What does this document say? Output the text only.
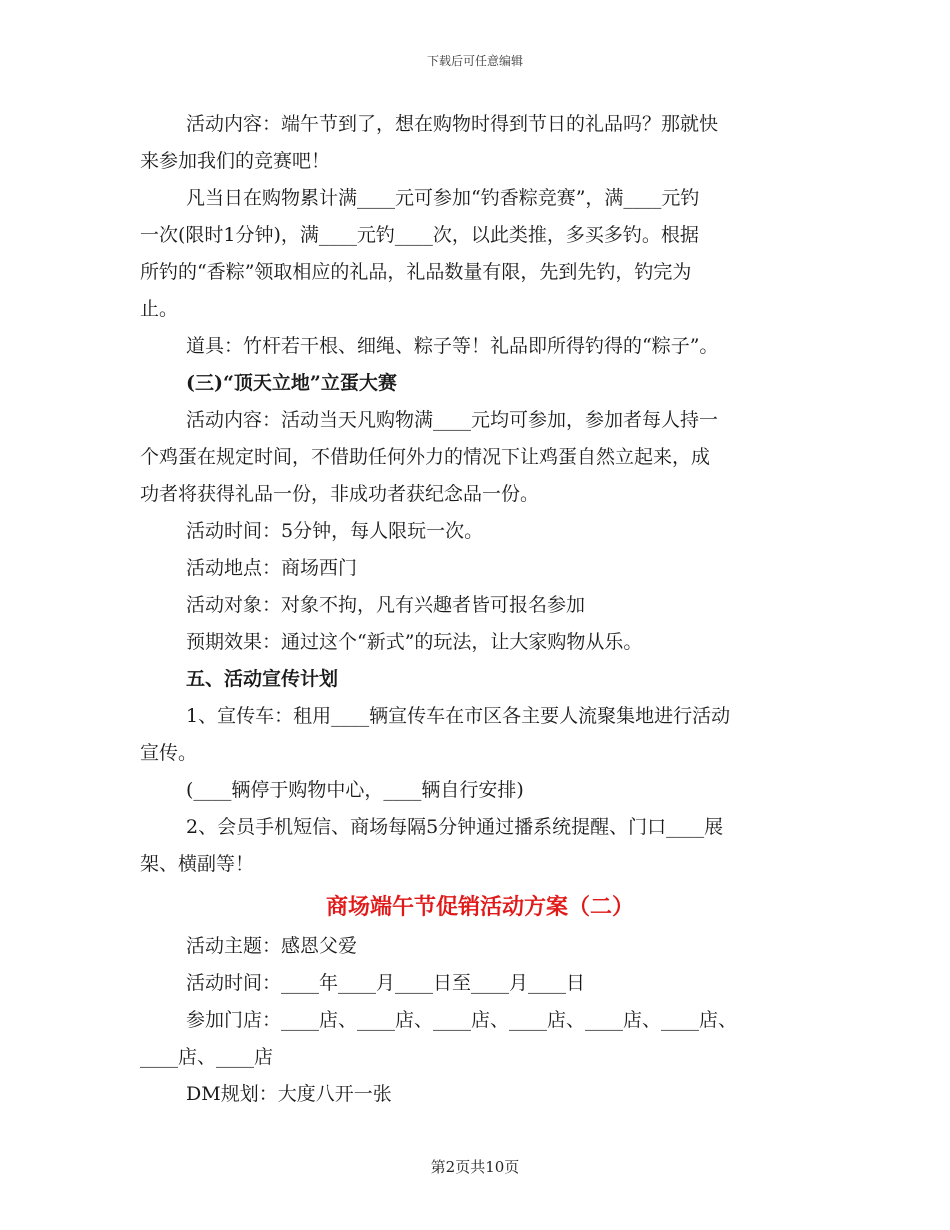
下载后可任意编辑

活动内容：端午节到了，想在购物时得到节日的礼品吗？那就快

来参加我们的竞赛吧！

凡当日在购物累计满____元可参加“钓香粽竞赛”，满____元钓

一次(限时1分钟)，满____元钓____次，以此类推，多买多钓。根据

所钓的“香粽”领取相应的礼品，礼品数量有限，先到先钓，钓完为

止。

道具：竹杆若干根、细绳、粽子等！礼品即所得钓得的“粽子”。

(三)“顶天立地”立蛋大赛

活动内容：活动当天凡购物满____元均可参加，参加者每人持一

个鸡蛋在规定时间，不借助任何外力的情况下让鸡蛋自然立起来，成

功者将获得礼品一份，非成功者获纪念品一份。

活动时间：5分钟，每人限玩一次。

活动地点：商场西门

活动对象：对象不拘，凡有兴趣者皆可报名参加

预期效果：通过这个“新式”的玩法，让大家购物从乐。

五、活动宣传计划

1、宣传车：租用____辆宣传车在市区各主要人流聚集地进行活动

宣传。

(____辆停于购物中心，____辆自行安排)

2、会员手机短信、商场每隔5分钟通过播系统提醒、门口____展

架、横副等！

商场端午节促销活动方案（二）

活动主题：感恩父爱

活动时间：____年____月____日至____月____日

参加门店：____店、____店、____店、____店、____店、____店、

____店、____店

DM规划：大度八开一张

第2页共10页
